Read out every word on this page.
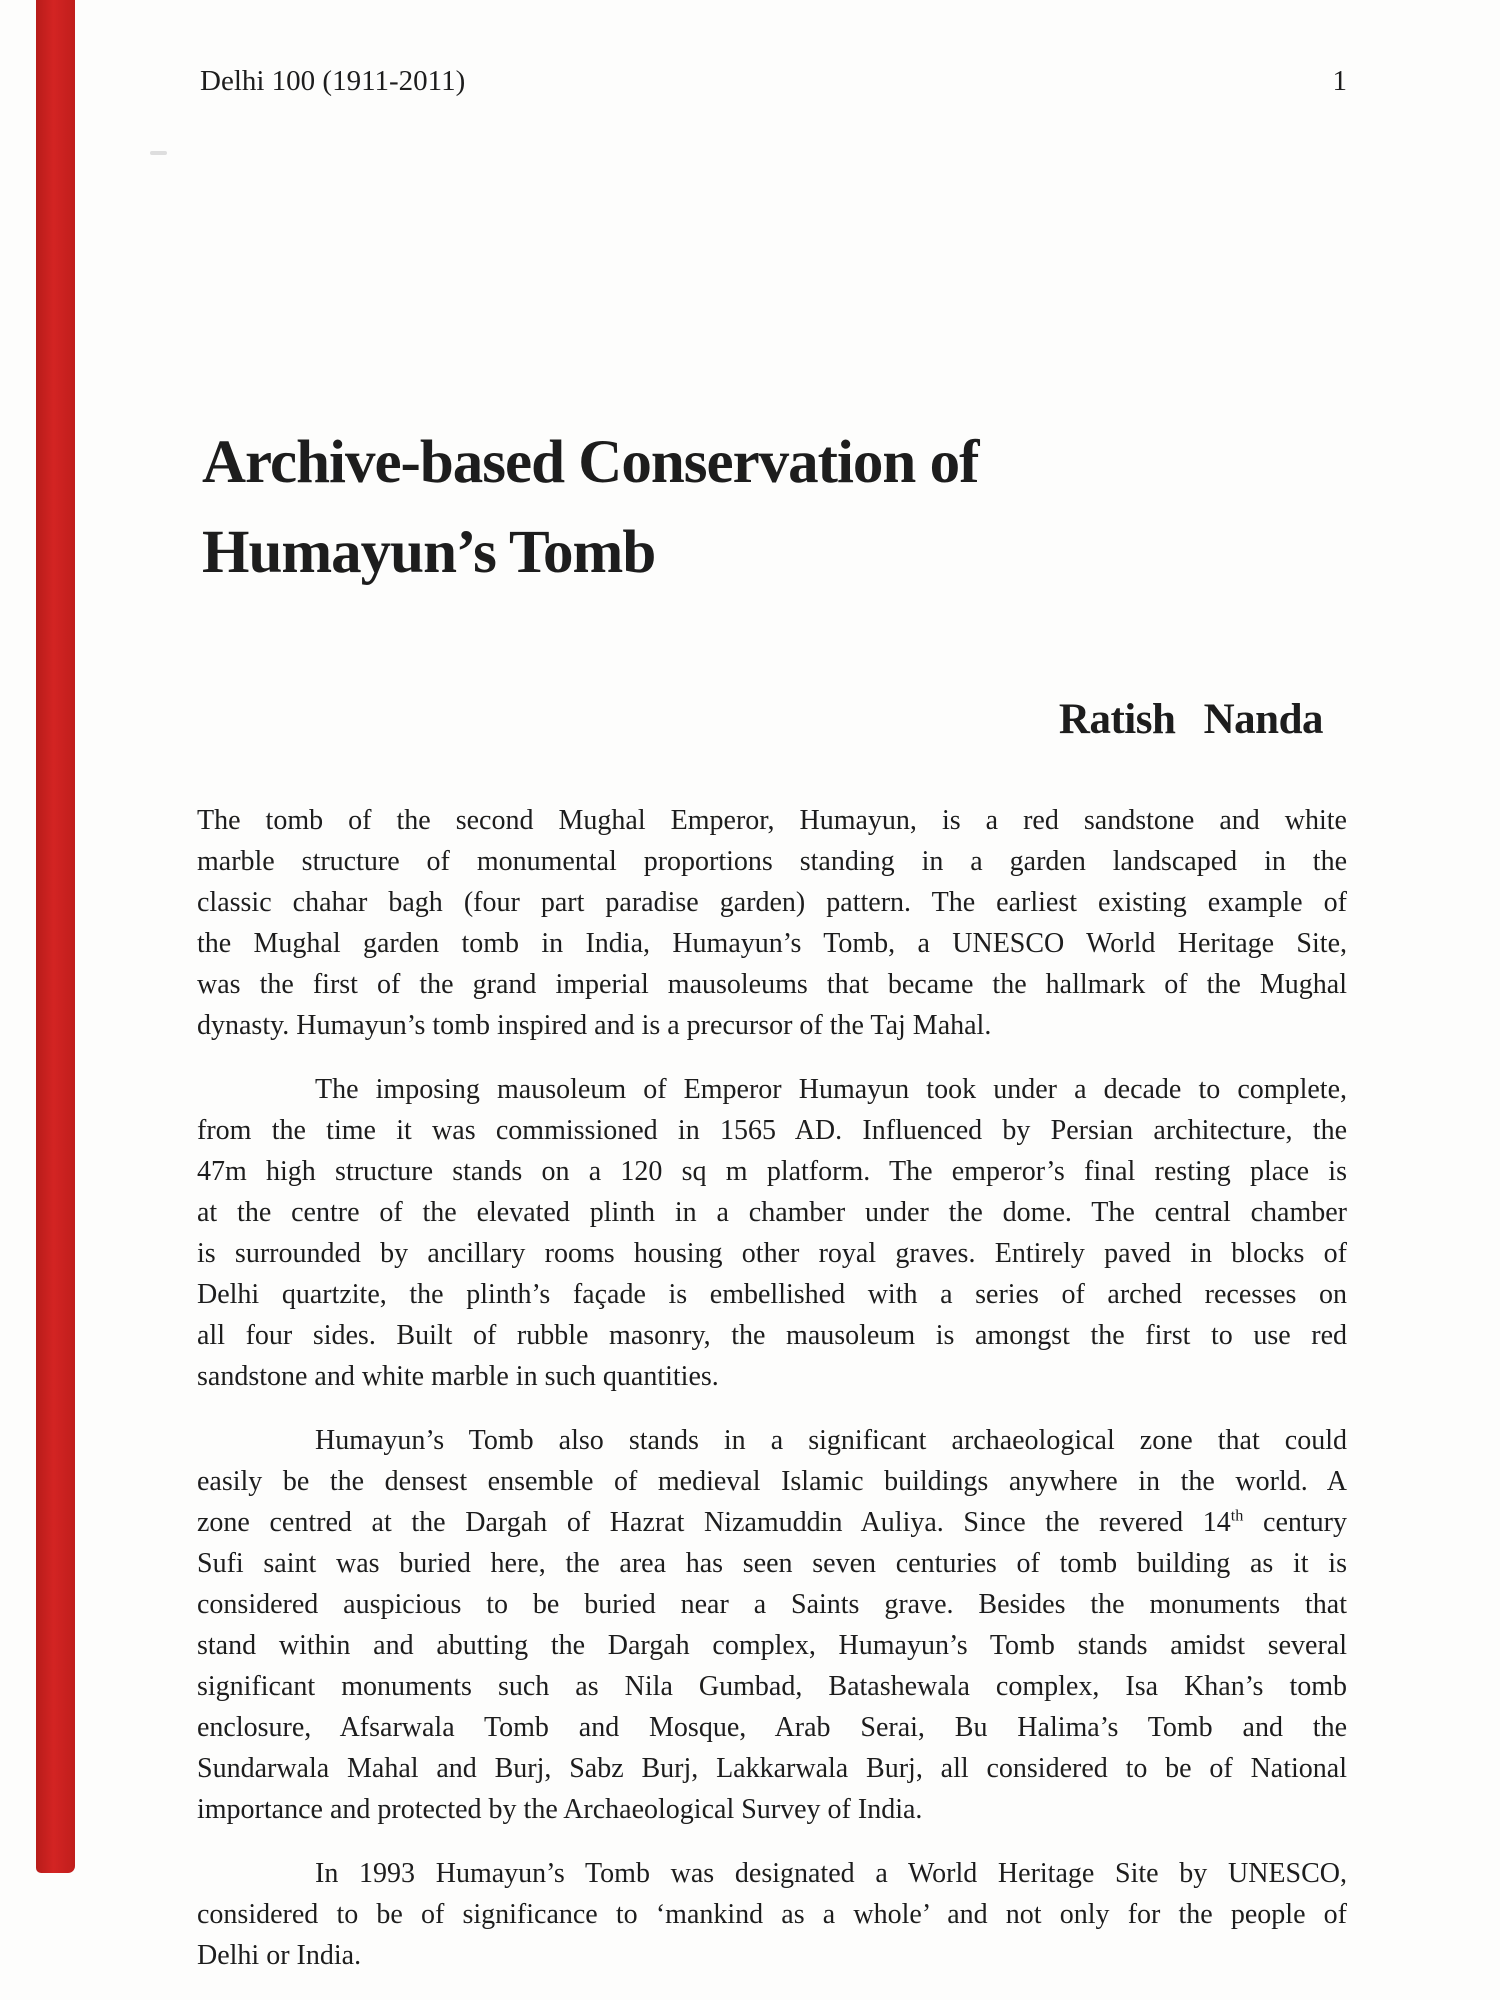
Delhi 100 (1911-2011)	1
Archive-based Conservation of
Humayun’s Tomb
Ratish Nanda

The tomb of the second Mughal Emperor, Humayun, is a red sandstone and white
marble structure of monumental proportions standing in a garden landscaped in the
classic chahar bagh (four part paradise garden) pattern. The earliest existing example of
the Mughal garden tomb in India, Humayun’s Tomb, a UNESCO World Heritage Site,
was the first of the grand imperial mausoleums that became the hallmark of the Mughal
dynasty. Humayun’s tomb inspired and is a precursor of the Taj Mahal.

The imposing mausoleum of Emperor Humayun took under a decade to complete,
from the time it was commissioned in 1565 AD. Influenced by Persian architecture, the
47m high structure stands on a 120 sq m platform. The emperor’s final resting place is
at the centre of the elevated plinth in a chamber under the dome. The central chamber
is surrounded by ancillary rooms housing other royal graves. Entirely paved in blocks of
Delhi quartzite, the plinth’s façade is embellished with a series of arched recesses on
all four sides. Built of rubble masonry, the mausoleum is amongst the first to use red
sandstone and white marble in such quantities.

Humayun’s Tomb also stands in a significant archaeological zone that could
easily be the densest ensemble of medieval Islamic buildings anywhere in the world. A
zone centred at the Dargah of Hazrat Nizamuddin Auliya. Since the revered 14th century
Sufi saint was buried here, the area has seen seven centuries of tomb building as it is
considered auspicious to be buried near a Saints grave. Besides the monuments that
stand within and abutting the Dargah complex, Humayun’s Tomb stands amidst several
significant monuments such as Nila Gumbad, Batashewala complex, Isa Khan’s tomb
enclosure, Afsarwala Tomb and Mosque, Arab Serai, Bu Halima’s Tomb and the
Sundarwala Mahal and Burj, Sabz Burj, Lakkarwala Burj, all considered to be of National
importance and protected by the Archaeological Survey of India.

In 1993 Humayun’s Tomb was designated a World Heritage Site by UNESCO,
considered to be of significance to ‘mankind as a whole’ and not only for the people of
Delhi or India.
